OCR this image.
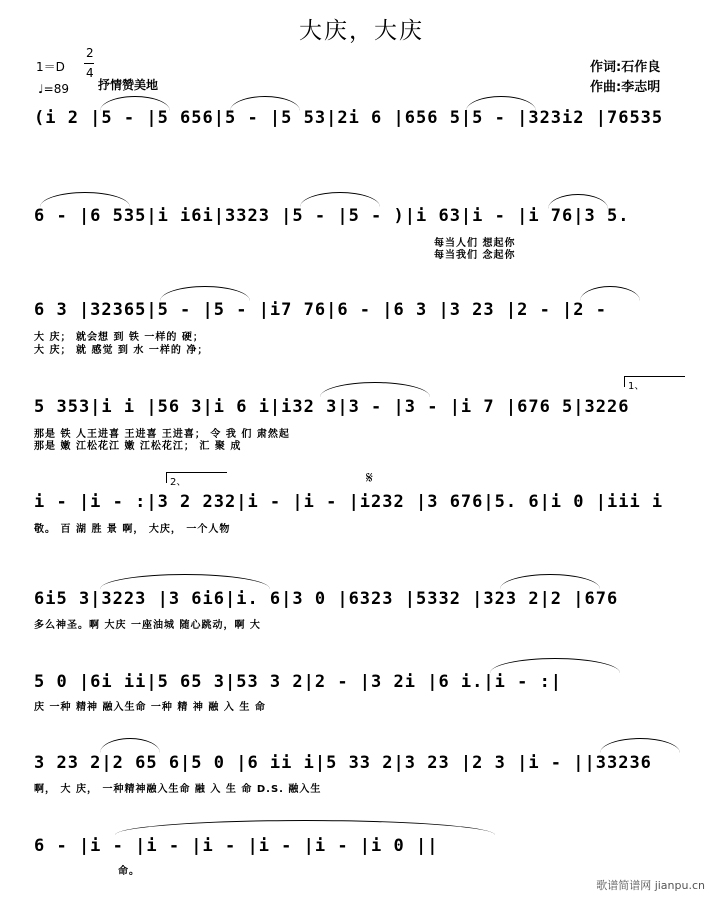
大庆，大庆
1＝D
2
4
♩=89 抒情赞美地
作词:石作良
作曲:李志明
(i 2 |5 - |5 656|5 - |5 53|2i 6 |656 5|5 - |323i2 |76535
6 - |6 535|i i6i|3323 |5 - |5 - )|i 63|i - |i 76|3 5.
6 3 |32365|5 - |5 - |i7 76|6 - |6 3 |3 23 |2 - |2 -
5 353|i i |56 3|i 6 i|i32 3|3 - |3 - |i 7 |676 5|3226
i - |i - :|3 2 232|i - |i - |i232 |3 676|5. 6|i 0 |iii i
6i5 3|3223 |3 6i6|i. 6|3 0 |6323 |5332 |323 2|2 |676
5 0 |6i ii|5 65 3|53 3 2|2 - |3 2i |6 i.|i - :|
3 23 2|2 65 6|5 0 |6 ii i|5 33 2|3 23 |2 3 |i - ||33236
6 - |i - |i - |i - |i - |i - |i 0 ||
每当人们 想起你
每当我们 念起你
大 庆； 就会想 到 铁 一样的 硬；
大 庆； 就 感觉 到 水 一样的 净；
那是 铁 人王进喜 王进喜 王进喜； 令 我 们 肃然起
那是 嫩 江松花江 嫩 江松花江； 汇 聚 成
敬。 百 湖 胜 景 啊， 大庆， 一个人物
多么神圣。啊 大庆 一座油城 随心跳动，啊 大
庆 一种 精神 融入生命 一种 精 神 融 入 生 命
啊， 大 庆， 一种精神融入生命 融 入 生 命 D.S. 融入生
命。
1、
2、	𝄋
歌谱简谱网 jianpu.cn
